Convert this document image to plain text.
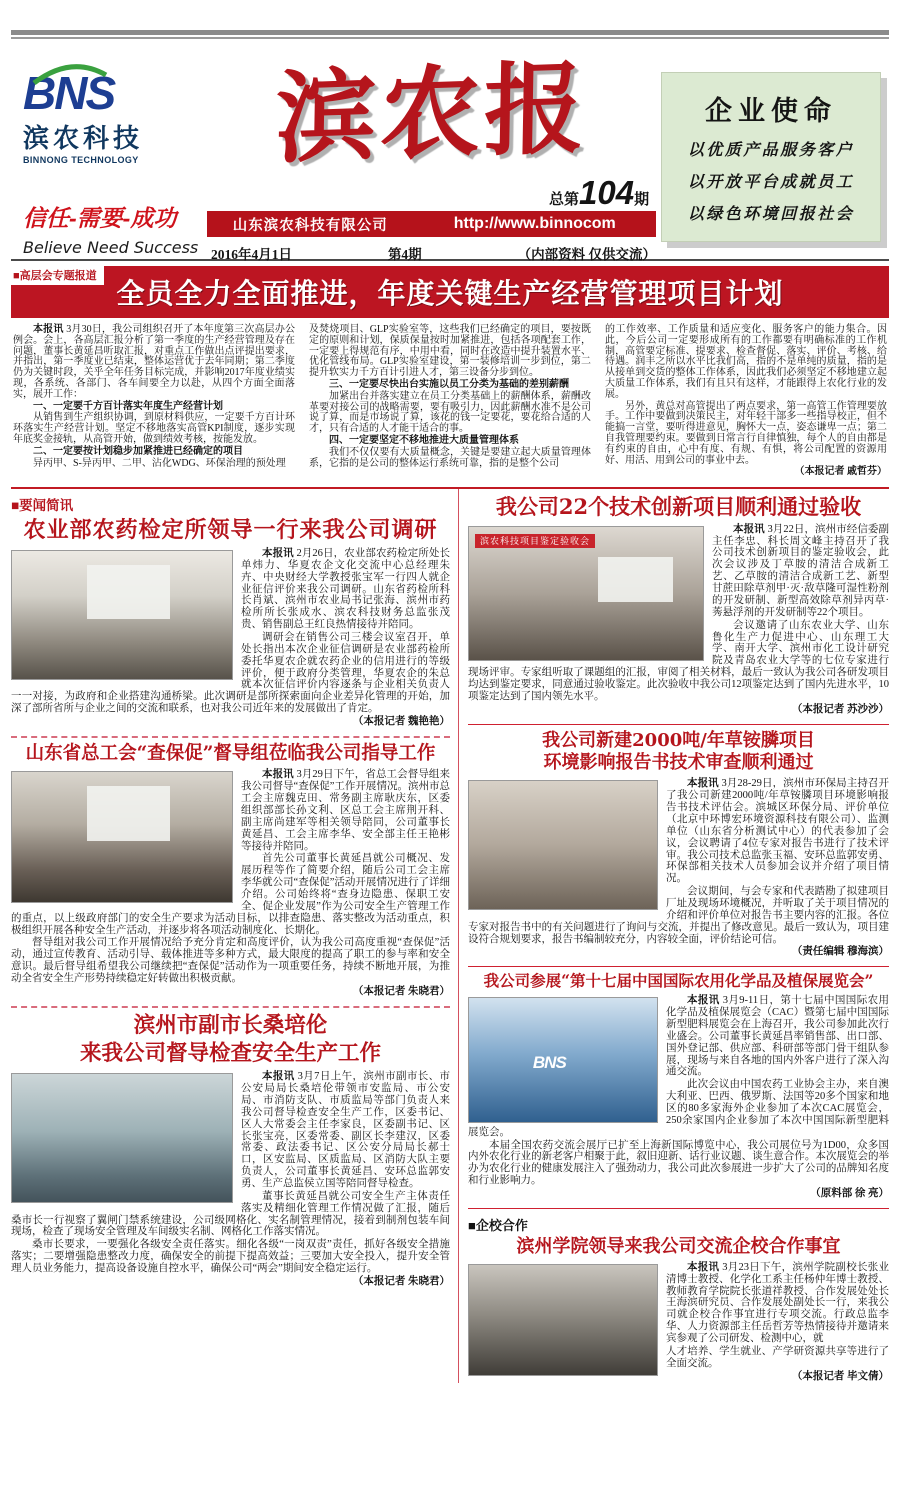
BNS
滨农科技
BINNONG TECHNOLOGY	滨农报
总第104期
信任-需要-成功
Believe Need Success
山东滨农科技有限公司	http://www.binnocom
2016年4月1日	第4期	（内部资料 仅供交流）
企业使命
以优质产品服务客户
以开放平台成就员工
以绿色环境回报社会
■高层会专题报道
全员全力全面推进，年度关键生产经营管理项目计划

本报讯 3月30日，我公司组织召开了本年度第三次高层办公例会。会上，各高层汇报分析了第一季度的生产经营管理及存在问题，董事长黄延昌听取汇报，对重点工作做出点评提出要求，并指出，第一季度业已结束，整体运营优于去年同期；第二季度仍为关键时段，关乎全年任务目标完成，并影响2017年度业绩实现，各系统、各部门、各车间要全力以赴，从四个方面全面落实，展开工作：

一、一定要千方百计落实年度生产经营计划

从销售到生产组织协调，到原材料供应，一定要千方百计环环落实生产经营计划。坚定不移地落实高管KPI制度，逐步实现年底奖金接轨，从高管开始，做到绩效考核，按能发放。

二、一定要按计划稳步加紧推进已经确定的项目

异丙甲、S-异丙甲、二甲、沾化WDG、环保治理的预处理

及焚烧项目、GLP实验室等，这些我们已经确定的项目，要按既定的原则和计划，保质保量按时加紧推进，包括各项配套工作，一定要上得规范有序，中用中看，同时在改造中提升装置水平、优化管线布局。GLP实验室建设，第一装修培训一步到位，第二提升软实力千方百计引进人才，第三设备分步到位。

三、一定要尽快出台实施以员工分类为基础的差别薪酬

加紧出台并落实建立在员工分类基础上的薪酬体系，薪酬改革要对接公司的战略需要，要有吸引力，因此薪酬水准不是公司说了算，而是市场说了算，该花的钱一定要花，要花给合适的人才，只有合适的人才能干适合的事。

四、一定要坚定不移地推进大质量管理体系

我们不仅仅要有大质量概念，关键是要建立起大质量管理体系，它指的是公司的整体运行系统可靠，指的是整个公司

的工作效率、工作质量和适应变化、服务客户的能力集合。因此，今后公司一定要形成所有的工作都要有明确标准的工作机制，高管要定标准、提要求、检查督促、落实、评价、考核、给待遇。润丰之所以水平比我们高，指的不是单纯的质量，指的是从接单到交货的整体工作体系，因此我们必须坚定不移地建立起大质量工作体系，我们有且只有这样，才能跟得上农化行业的发展。

另外，黄总对高管提出了两点要求，第一高管工作管理要放手。工作中要做到决策民主，对年轻干部多一些指导校正，但不能搞一言堂，要听得进意见，胸怀大一点，姿态谦卑一点；第二自我管理要约束。要做到日常言行自律慎独，每个人的自由都是有约束的自由，心中有度、有规、有惧，将公司配置的资源用好、用活、用到公司的事业中去。

（本报记者 戚哲芬）

■要闻简讯
农业部农药检定所领导一行来我公司调研

本报讯 2月26日，农业部农药检定所处长单炜力、华夏农企文化交流中心总经理朱卉、中央财经大学教授张宝军一行四人就企业征信评价来我公司调研。山东省药检所科长肖斌、滨州市农业局书记张海、滨州市药检所所长张成水、滨农科技财务总监张茂贵、销售副总王红良热情接待并陪同。

调研会在销售公司三楼会议室召开，单处长指出本次企业征信调研是农业部药检所委托华夏农企就农药企业的信用进行的等级评价，便于政府分类管理，华夏农企的朱总就本次征信评价内容逐条与企业相关负责人一一对接，为政府和企业搭建沟通桥梁。此次调研是部所探索面向企业差异化管理的开始，加深了部所省所与企业之间的交流和联系，也对我公司近年来的发展做出了肯定。

（本报记者 魏艳艳）

山东省总工会“查保促”督导组莅临我公司指导工作

本报讯 3月29日下午，省总工会督导组来我公司督导“查保促”工作开展情况。滨州市总工会主席魏克田、常务副主席耿庆东，区委组织部部长孙文利、区总工会主席荆开科、副主席尚建军等相关领导陪同，公司董事长黄延昌、工会主席李华、安全部主任王艳彬等接待并陪同。

首先公司董事长黄延昌就公司概况、发展历程等作了简要介绍，随后公司工会主席李华就公司“查保促”活动开展情况进行了详细介绍。公司始终将“查身边隐患、保职工安全、促企业发展”作为公司安全生产管理工作的重点，以上级政府部门的安全生产要求为活动目标，以排查隐患、落实整改为活动重点，积极组织开展各种安全生产活动，并逐步将各项活动制度化、长期化。

督导组对我公司工作开展情况给予充分肯定和高度评价，认为我公司高度重视“查保促”活动，通过宣传教育、活动引导、载体推进等多种方式，最大限度的提高了职工的参与率和安全意识。最后督导组希望我公司继续把“查保促”活动作为一项重要任务，持续不断地开展，为推动全省安全生产形势持续稳定好转做出积极贡献。

（本报记者 朱晓君）

滨州市副市长桑培伦
来我公司督导检查安全生产工作

本报讯 3月7日上午，滨州市副市长、市公安局局长桑培伦带领市安监局、市公安局、市消防支队、市质监局等部门负责人来我公司督导检查安全生产工作，区委书记、区人大常委会主任李家良，区委副书记、区长张宝亮，区委常委、副区长李建汉，区委常委、政法委书记、区公安分局局长郝士口，区安监局、区质监局、区消防大队主要负责人，公司董事长黄延昌、安环总监郭安勇、生产总监侯立国等陪同督导检查。

董事长黄延昌就公司安全生产主体责任落实及精细化管理工作情况做了汇报，随后桑市长一行视察了翼闸门禁系统建设，公司级网格化、实名制管理情况，接着到制剂包装车间现场，检查了现场安全管理及车间级实名制、网格化工作落实情况。

桑市长要求，一要强化各级安全责任落实。细化各级“一岗双责”责任，抓好各级安全措施落实；二要增强隐患整改力度，确保安全的前提下提高效益；三要加大安全投入，提升安全管理人员业务能力，提高设备设施自控水平，确保公司“两会”期间安全稳定运行。

（本报记者 朱晓君）

我公司22个技术创新项目顺利通过验收
滨农科技项目鉴定验收会

本报讯 3月22日，滨州市经信委副主任李忠、科长周文峰主持召开了我公司技术创新项目的鉴定验收会，此次会议涉及丁草胺的清洁合成新工艺、乙草胺的清洁合成新工艺、新型甘蔗田除草剂甲·灭·敌草隆可湿性粉剂的开发研制、新型高效除草剂异丙草·莠悬浮剂的开发研制等22个项目。

会议邀请了山东农业大学、山东鲁化生产力促进中心、山东理工大学、南开大学、滨州市化工设计研究院及青岛农业大学等的七位专家进行现场评审。专家组听取了课题组的汇报，审阅了相关材料，最后一致认为我公司各研发项目均达到鉴定要求，同意通过验收鉴定。此次验收中我公司12项鉴定达到了国内先进水平，10项鉴定达到了国内领先水平。

（本报记者 苏沙沙）

我公司新建2000吨/年草铵膦项目
环境影响报告书技术审查顺利通过

本报讯 3月28-29日，滨州市环保局主持召开了我公司新建2000吨/年草铵膦项目环境影响报告书技术评估会。滨城区环保分局、评价单位（北京中环博宏环境资源科技有限公司）、监测单位（山东省分析测试中心）的代表参加了会议，会议聘请了4位专家对报告书进行了技术评审。我公司技术总监张玉福、安环总监郭安勇、环保部相关技术人员参加会议并介绍了项目情况。

会议期间，与会专家和代表踏勘了拟建项目厂址及现场环境概况，并听取了关于项目情况的介绍和评价单位对报告书主要内容的汇报。各位专家对报告书中的有关问题进行了询问与交流，并提出了修改意见。最后一致认为，项目建设符合规划要求，报告书编制较充分，内容较全面，评价结论可信。

（责任编辑 穆海滨）

我公司参展“第十七届中国国际农用化学品及植保展览会”
BNS

本报讯 3月9-11日，第十七届中国国际农用化学品及植保展览会（CAC）暨第七届中国国际新型肥料展览会在上海召开，我公司参加此次行业盛会。公司董事长黄延昌率销售部、出口部、国外登记部、供应部、科研部等部门骨干组队参展，现场与来自各地的国内外客户进行了深入沟通交流。

此次会议由中国农药工业协会主办，来自澳大利亚、巴西、俄罗斯、法国等20多个国家和地区的80多家海外企业参加了本次CAC展览会，250余家国内企业参加了本次中国国际新型肥料展览会。

本届全国农药交流会展厅已扩至上海新国际博览中心，我公司展位号为1D00，众多国内外农化行业的新老客户相聚于此，叙旧迎新、话行业议题、谈生意合作。本次展览会的举办为农化行业的健康发展注入了强劲动力，我公司此次参展进一步扩大了公司的品牌知名度和行业影响力。

（原料部 徐 亮）

■企校合作
滨州学院领导来我公司交流企校合作事宜

本报讯 3月23日下午，滨州学院副校长张业清博士教授、化学化工系主任杨仲年博士教授、教师教育学院院长张道祥教授、合作发展处处长王海滨研究员、合作发展处副处长一行，来我公司就企校合作事宜进行专项交流。行政总监李华、人力资源部主任岳哲芳等热情接待并邀请来宾参观了公司研发、检测中心，就

人才培养、学生就业、产学研资源共享等进行了全面交流。

（本报记者 毕文倩）
